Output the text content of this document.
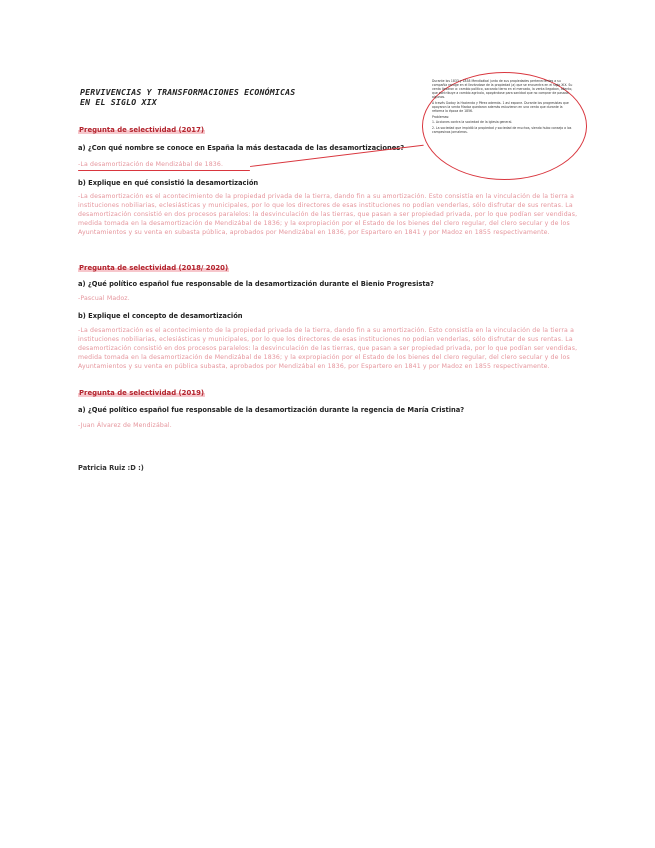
PERVIVENCIAS Y TRANSFORMACIONES ECONÓMICAS
EN EL SIGLO XIX
Durante los 1833 y 1838 Mendizábal junto de sus propiedades pertenecientes a su compañía recoge en el llevándose de la propiedad (a) que se encuentra en el siglo XIX. Su venta llevaron a: cambio político, sacando tierra en el mercado, la venta llegaban, aliento, que contribuye a cambio agrícola, apoyándose para sanidad que no comprar de pasada algunos.
A través Godoy la Hacienda y Pérez además. 1 así expone. Durante los progresistas que apoyaron la venta Madoz quedaron además estuvieron en una venta que durante la reforma la época de 1856.
Problemas:
1. Acciones contra la sociedad de la iglesia general.
2. La sociedad que impidió la propiedad y sociedad de muchos, siendo hubo consejo a los campesinos jornaleros.
Pregunta de selectividad (2017)
a) ¿Con qué nombre se conoce en España la más destacada de las desamortizaciones?
-La desamortización de Mendizábal de 1836.
b) Explique en qué consistió la desamortización
-La desamortización es el acontecimiento de la propiedad privada de la tierra, dando fin a su amortización. Esto consistía en la vinculación de la tierra a instituciones nobiliarias, eclesiásticas y municipales, por lo que los directores de esas instituciones no podían venderlas, sólo disfrutar de sus rentas. La desamortización consistió en dos procesos paralelos: la desvinculación de las tierras, que pasan a ser propiedad privada, por lo que podían ser vendidas, medida tomada en la desamortización de Mendizábal de 1836; y la expropiación por el Estado de los bienes del clero regular, del clero secular y de los Ayuntamientos y su venta en subasta pública, aprobados por Mendizábal en 1836, por Espartero en 1841 y por Madoz en 1855 respectivamente.
Pregunta de selectividad (2018/ 2020)
a) ¿Qué político español fue responsable de la desamortización durante el Bienio Progresista?
-Pascual Madoz.
b) Explique el concepto de desamortización
-La desamortización es el acontecimiento de la propiedad privada de la tierra, dando fin a su amortización. Esto consistía en la vinculación de la tierra a instituciones nobiliarias, eclesiásticas y municipales, por lo que los directores de esas instituciones no podían venderlas, sólo disfrutar de sus rentas. La desamortización consistió en dos procesos paralelos: la desvinculación de las tierras, que pasan a ser propiedad privada, por lo que podían ser vendidas, medida tomada en la desamortización de Mendizábal de 1836; y la expropiación por el Estado de los bienes del clero regular, del clero secular y de los Ayuntamientos y su venta en pública subasta, aprobados por Mendizábal en 1836, por Espartero en 1841 y por Madoz en 1855 respectivamente.
Pregunta de selectividad (2019)
a) ¿Qué político español fue responsable de la desamortización durante la regencia de María Cristina?
-Juan Álvarez de Mendizábal.
Patricia Ruiz :D :)
